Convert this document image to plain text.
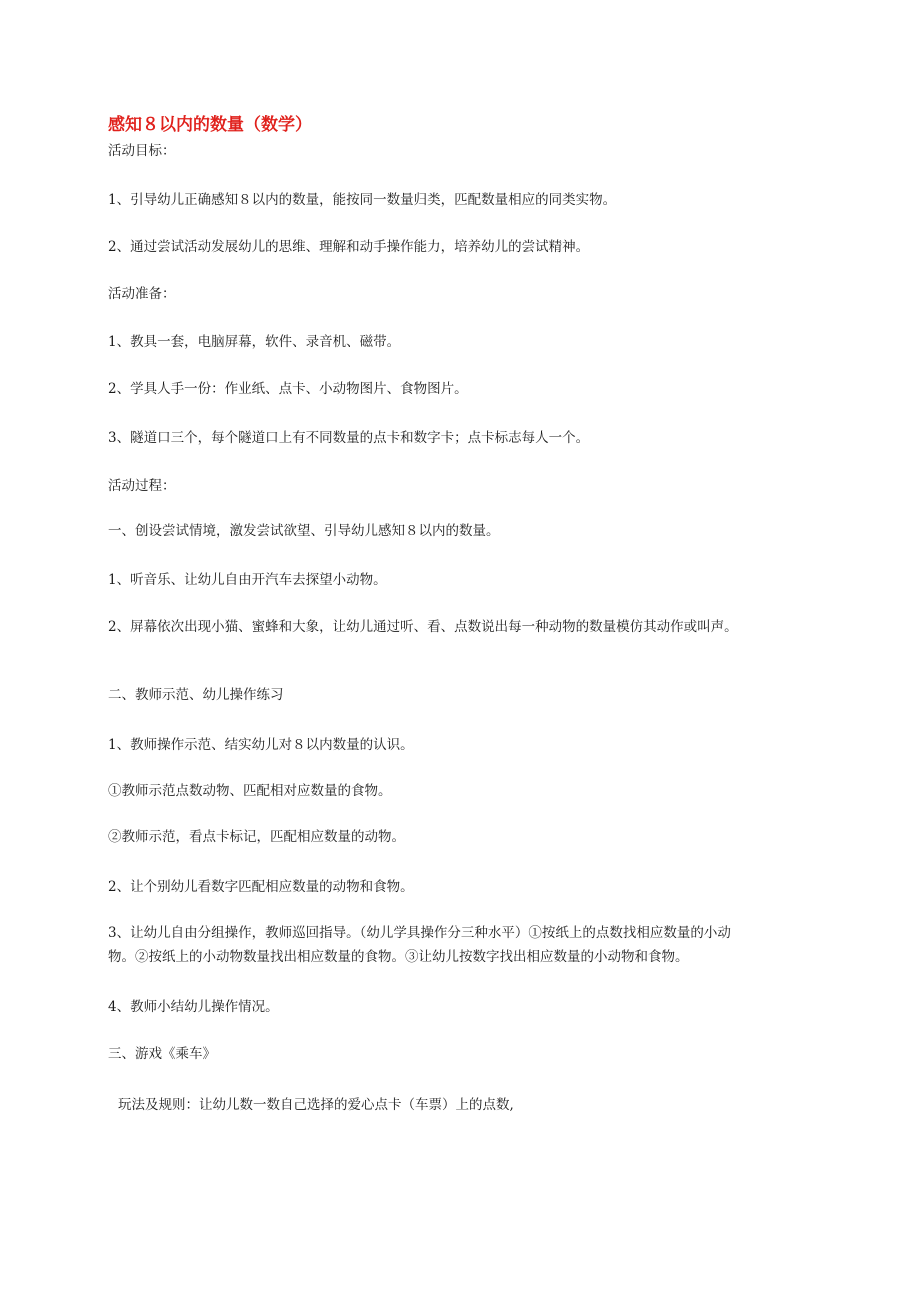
感知８以内的数量（数学）

活动目标：

1、引导幼儿正确感知８以内的数量，能按同一数量归类，匹配数量相应的同类实物。

2、通过尝试活动发展幼儿的思维、理解和动手操作能力，培养幼儿的尝试精神。

活动准备：

1、教具一套，电脑屏幕，软件、录音机、磁带。

2、学具人手一份：作业纸、点卡、小动物图片、食物图片。

3、隧道口三个，每个隧道口上有不同数量的点卡和数字卡；点卡标志每人一个。

活动过程：

一、创设尝试情境，激发尝试欲望、引导幼儿感知８以内的数量。

1、听音乐、让幼儿自由开汽车去探望小动物。

2、屏幕依次出现小猫、蜜蜂和大象，让幼儿通过听、看、点数说出每一种动物的数量模仿其动作或叫声。

二、教师示范、幼儿操作练习

1、教师操作示范、结实幼儿对８以内数量的认识。

①教师示范点数动物、匹配相对应数量的食物。

②教师示范，看点卡标记，匹配相应数量的动物。

2、让个别幼儿看数字匹配相应数量的动物和食物。

3、让幼儿自由分组操作，教师巡回指导。（幼儿学具操作分三种水平）①按纸上的点数找相应数量的小动

物。②按纸上的小动物数量找出相应数量的食物。③让幼儿按数字找出相应数量的小动物和食物。

4、教师小结幼儿操作情况。

三、游戏《乘车》

玩法及规则：让幼儿数一数自己选择的爱心点卡（车票）上的点数,
